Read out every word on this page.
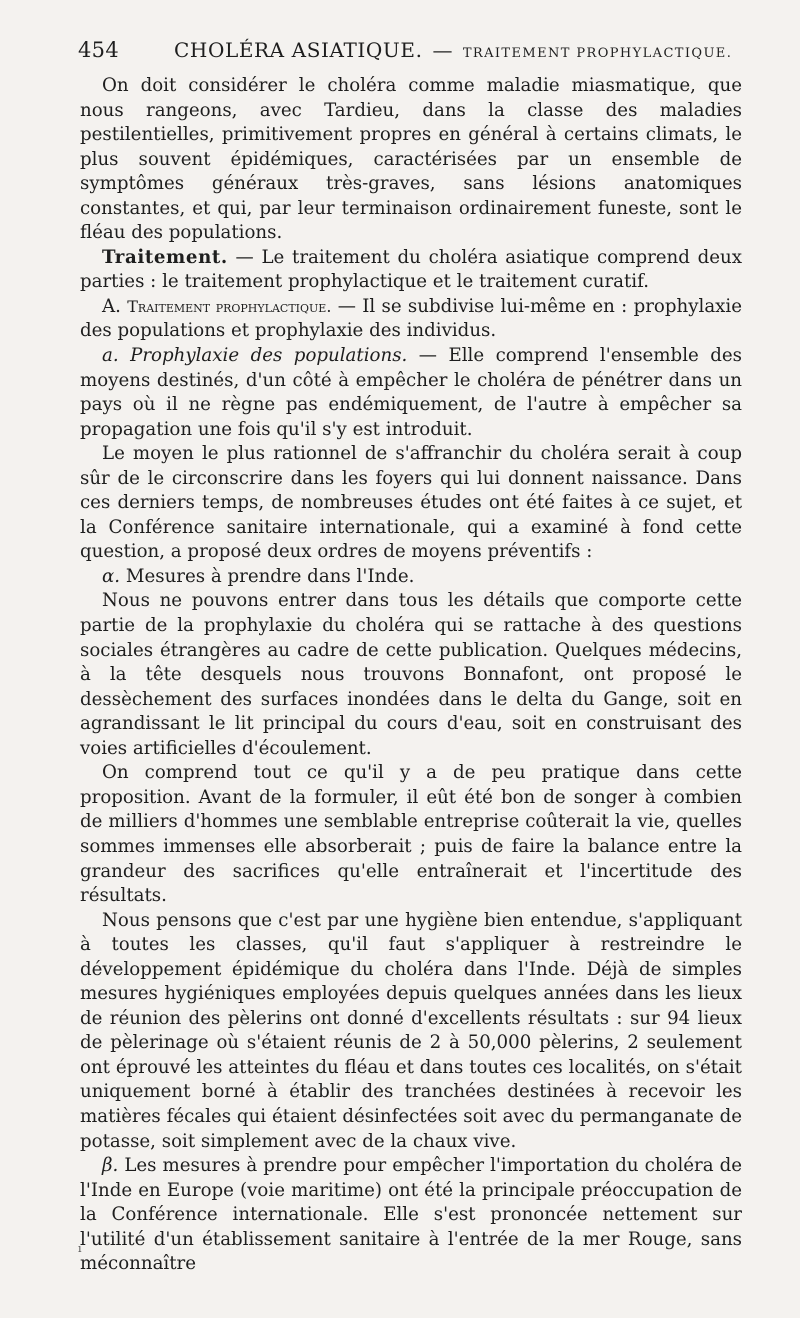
454	CHOLÉRA ASIATIQUE. — TRAITEMENT PROPHYLACTIQUE.

On doit considérer le choléra comme maladie miasmatique, que nous rangeons, avec Tardieu, dans la classe des maladies pestilentielles, primitivement propres en général à certains climats, le plus souvent épidémiques, caractérisées par un ensemble de symptômes généraux très-graves, sans lésions anatomiques constantes, et qui, par leur terminaison ordinairement funeste, sont le fléau des populations.

Traitement. — Le traitement du choléra asiatique comprend deux parties : le traitement prophylactique et le traitement curatif.

A. Traitement prophylactique. — Il se subdivise lui-même en : prophylaxie des populations et prophylaxie des individus.

a. Prophylaxie des populations. — Elle comprend l'ensemble des moyens destinés, d'un côté à empêcher le choléra de pénétrer dans un pays où il ne règne pas endémiquement, de l'autre à empêcher sa propagation une fois qu'il s'y est introduit.

Le moyen le plus rationnel de s'affranchir du choléra serait à coup sûr de le circonscrire dans les foyers qui lui donnent naissance. Dans ces derniers temps, de nombreuses études ont été faites à ce sujet, et la Conférence sanitaire internationale, qui a examiné à fond cette question, a proposé deux ordres de moyens préventifs :

α. Mesures à prendre dans l'Inde.

Nous ne pouvons entrer dans tous les détails que comporte cette partie de la prophylaxie du choléra qui se rattache à des questions sociales étrangères au cadre de cette publication. Quelques médecins, à la tête desquels nous trouvons Bonnafont, ont proposé le dessèchement des surfaces inondées dans le delta du Gange, soit en agrandissant le lit principal du cours d'eau, soit en construisant des voies artificielles d'écoulement.

On comprend tout ce qu'il y a de peu pratique dans cette proposition. Avant de la formuler, il eût été bon de songer à combien de milliers d'hommes une semblable entreprise coûterait la vie, quelles sommes immenses elle absorberait ; puis de faire la balance entre la grandeur des sacrifices qu'elle entraînerait et l'incertitude des résultats.

Nous pensons que c'est par une hygiène bien entendue, s'appliquant à toutes les classes, qu'il faut s'appliquer à restreindre le développement épidémique du choléra dans l'Inde. Déjà de simples mesures hygiéniques employées depuis quelques années dans les lieux de réunion des pèlerins ont donné d'excellents résultats : sur 94 lieux de pèlerinage où s'étaient réunis de 2 à 50,000 pèlerins, 2 seulement ont éprouvé les atteintes du fléau et dans toutes ces localités, on s'était uniquement borné à établir des tranchées destinées à recevoir les matières fécales qui étaient désinfectées soit avec du permanganate de potasse, soit simplement avec de la chaux vive.

β. Les mesures à prendre pour empêcher l'importation du choléra de l'Inde en Europe (voie maritime) ont été la principale préoccupation de la Conférence internationale. Elle s'est prononcée nettement sur l'utilité d'un établissement sanitaire à l'entrée de la mer Rouge, sans méconnaître

ı
